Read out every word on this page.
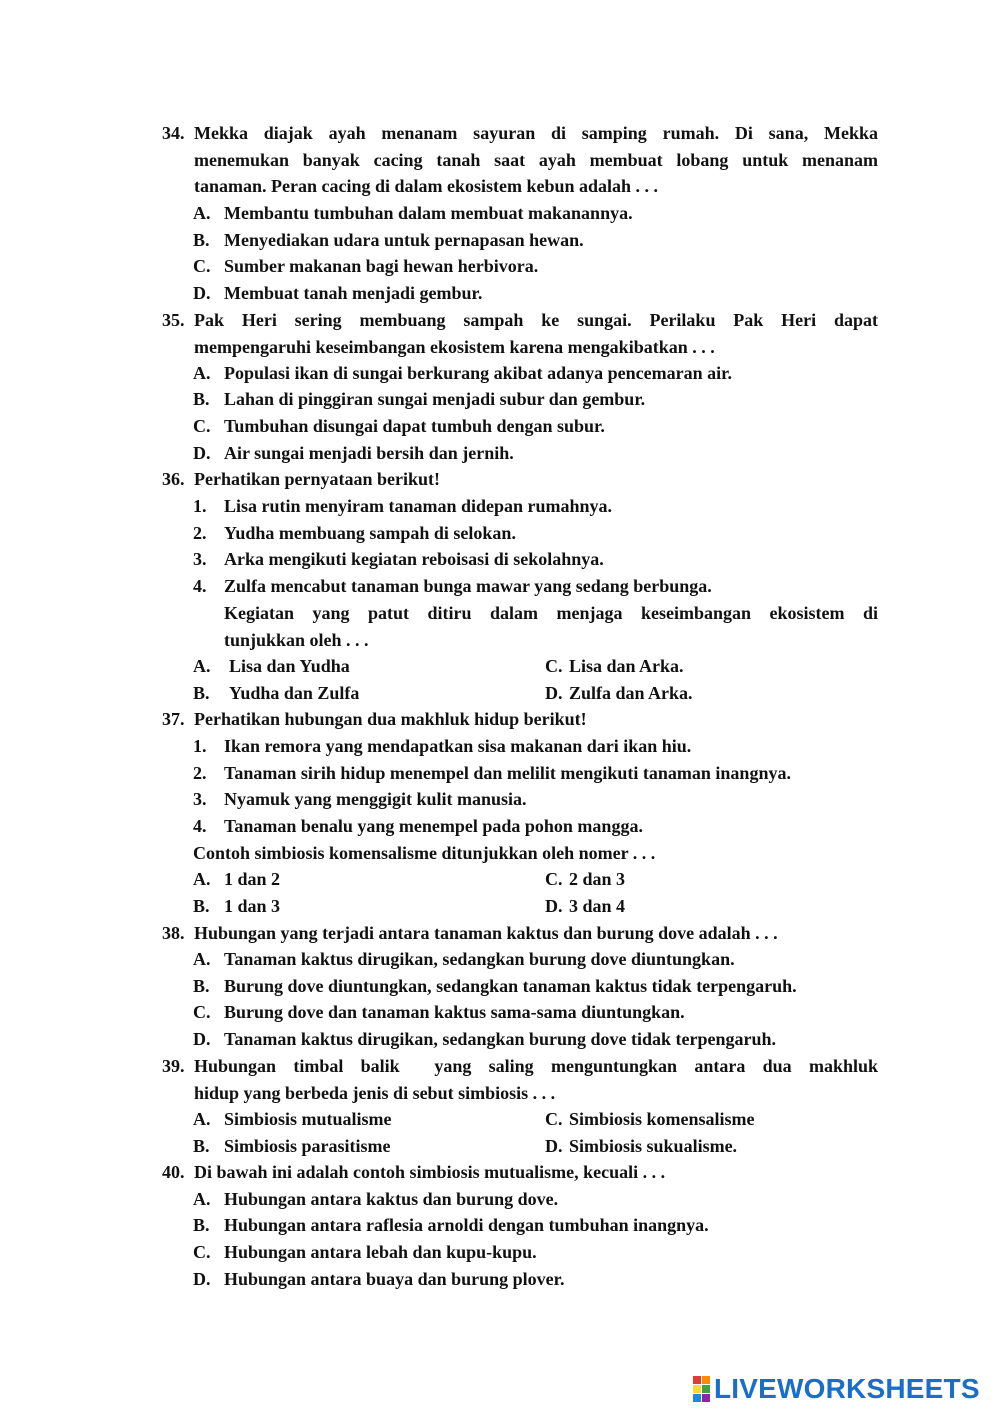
34. Mekka diajak ayah menanam sayuran di samping rumah. Di sana, Mekka
menemukan banyak cacing tanah saat ayah membuat lobang untuk menanam
tanaman. Peran cacing di dalam ekosistem kebun adalah . . .
A. Membantu tumbuhan dalam membuat makanannya.
B. Menyediakan udara untuk pernapasan hewan.
C. Sumber makanan bagi hewan herbivora.
D. Membuat tanah menjadi gembur.
35. Pak Heri sering membuang sampah ke sungai. Perilaku Pak Heri dapat
mempengaruhi keseimbangan ekosistem karena mengakibatkan . . .
A. Populasi ikan di sungai berkurang akibat adanya pencemaran air.
B. Lahan di pinggiran sungai menjadi subur dan gembur.
C. Tumbuhan disungai dapat tumbuh dengan subur.
D. Air sungai menjadi bersih dan jernih.
36. Perhatikan pernyataan berikut!
1. Lisa rutin menyiram tanaman didepan rumahnya.
2. Yudha membuang sampah di selokan.
3. Arka mengikuti kegiatan reboisasi di sekolahnya.
4. Zulfa mencabut tanaman bunga mawar yang sedang berbunga.
Kegiatan yang patut ditiru dalam menjaga keseimbangan ekosistem di
tunjukkan oleh . . .
A.	Lisa dan Yudha
B.	Yudha dan Zulfa
C. Lisa dan Arka.
D. Zulfa dan Arka.
37. Perhatikan hubungan dua makhluk hidup berikut!
1. Ikan remora yang mendapatkan sisa makanan dari ikan hiu.
2. Tanaman sirih hidup menempel dan melilit mengikuti tanaman inangnya.
3. Nyamuk yang menggigit kulit manusia.
4. Tanaman benalu yang menempel pada pohon mangga.
Contoh simbiosis komensalisme ditunjukkan oleh nomer . . .
A. 1 dan 2
B. 1 dan 3
C. 2 dan 3
D. 3 dan 4
38. Hubungan yang terjadi antara tanaman kaktus dan burung dove adalah . . .
A. Tanaman kaktus dirugikan, sedangkan burung dove diuntungkan.
B. Burung dove diuntungkan, sedangkan tanaman kaktus tidak terpengaruh.
C. Burung dove dan tanaman kaktus sama-sama diuntungkan.
D. Tanaman kaktus dirugikan, sedangkan burung dove tidak terpengaruh.
39. Hubungan timbal balik  yang saling menguntungkan antara dua makhluk
hidup yang berbeda jenis di sebut simbiosis . . .
A. Simbiosis mutualisme
B. Simbiosis parasitisme
C. Simbiosis komensalisme
D. Simbiosis sukualisme.
40. Di bawah ini adalah contoh simbiosis mutualisme, kecuali . . .
A. Hubungan antara kaktus dan burung dove.
B. Hubungan antara raflesia arnoldi dengan tumbuhan inangnya.
C. Hubungan antara lebah dan kupu-kupu.
D. Hubungan antara buaya dan burung plover.
LIVEWORKSHEETS
